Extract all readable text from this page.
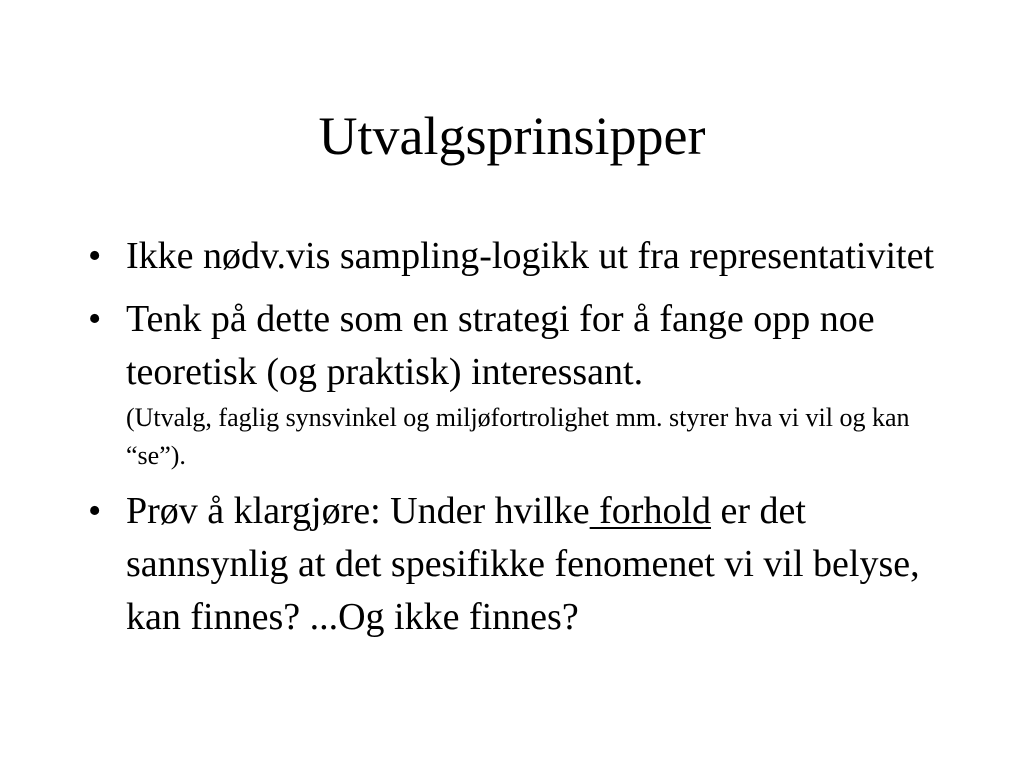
Utvalgsprinsipper
• Ikke nødv.vis sampling-logikk ut fra representativitet
• Tenk på dette som en strategi for å fange opp noe teoretisk (og praktisk) interessant.
(Utvalg, faglig synsvinkel og miljøfortrolighet mm. styrer hva vi vil og kan “se”).
• Prøv å klargjøre: Under hvilke forhold er det sannsynlig at det spesifikke fenomenet vi vil belyse, kan finnes? ...Og ikke finnes?
